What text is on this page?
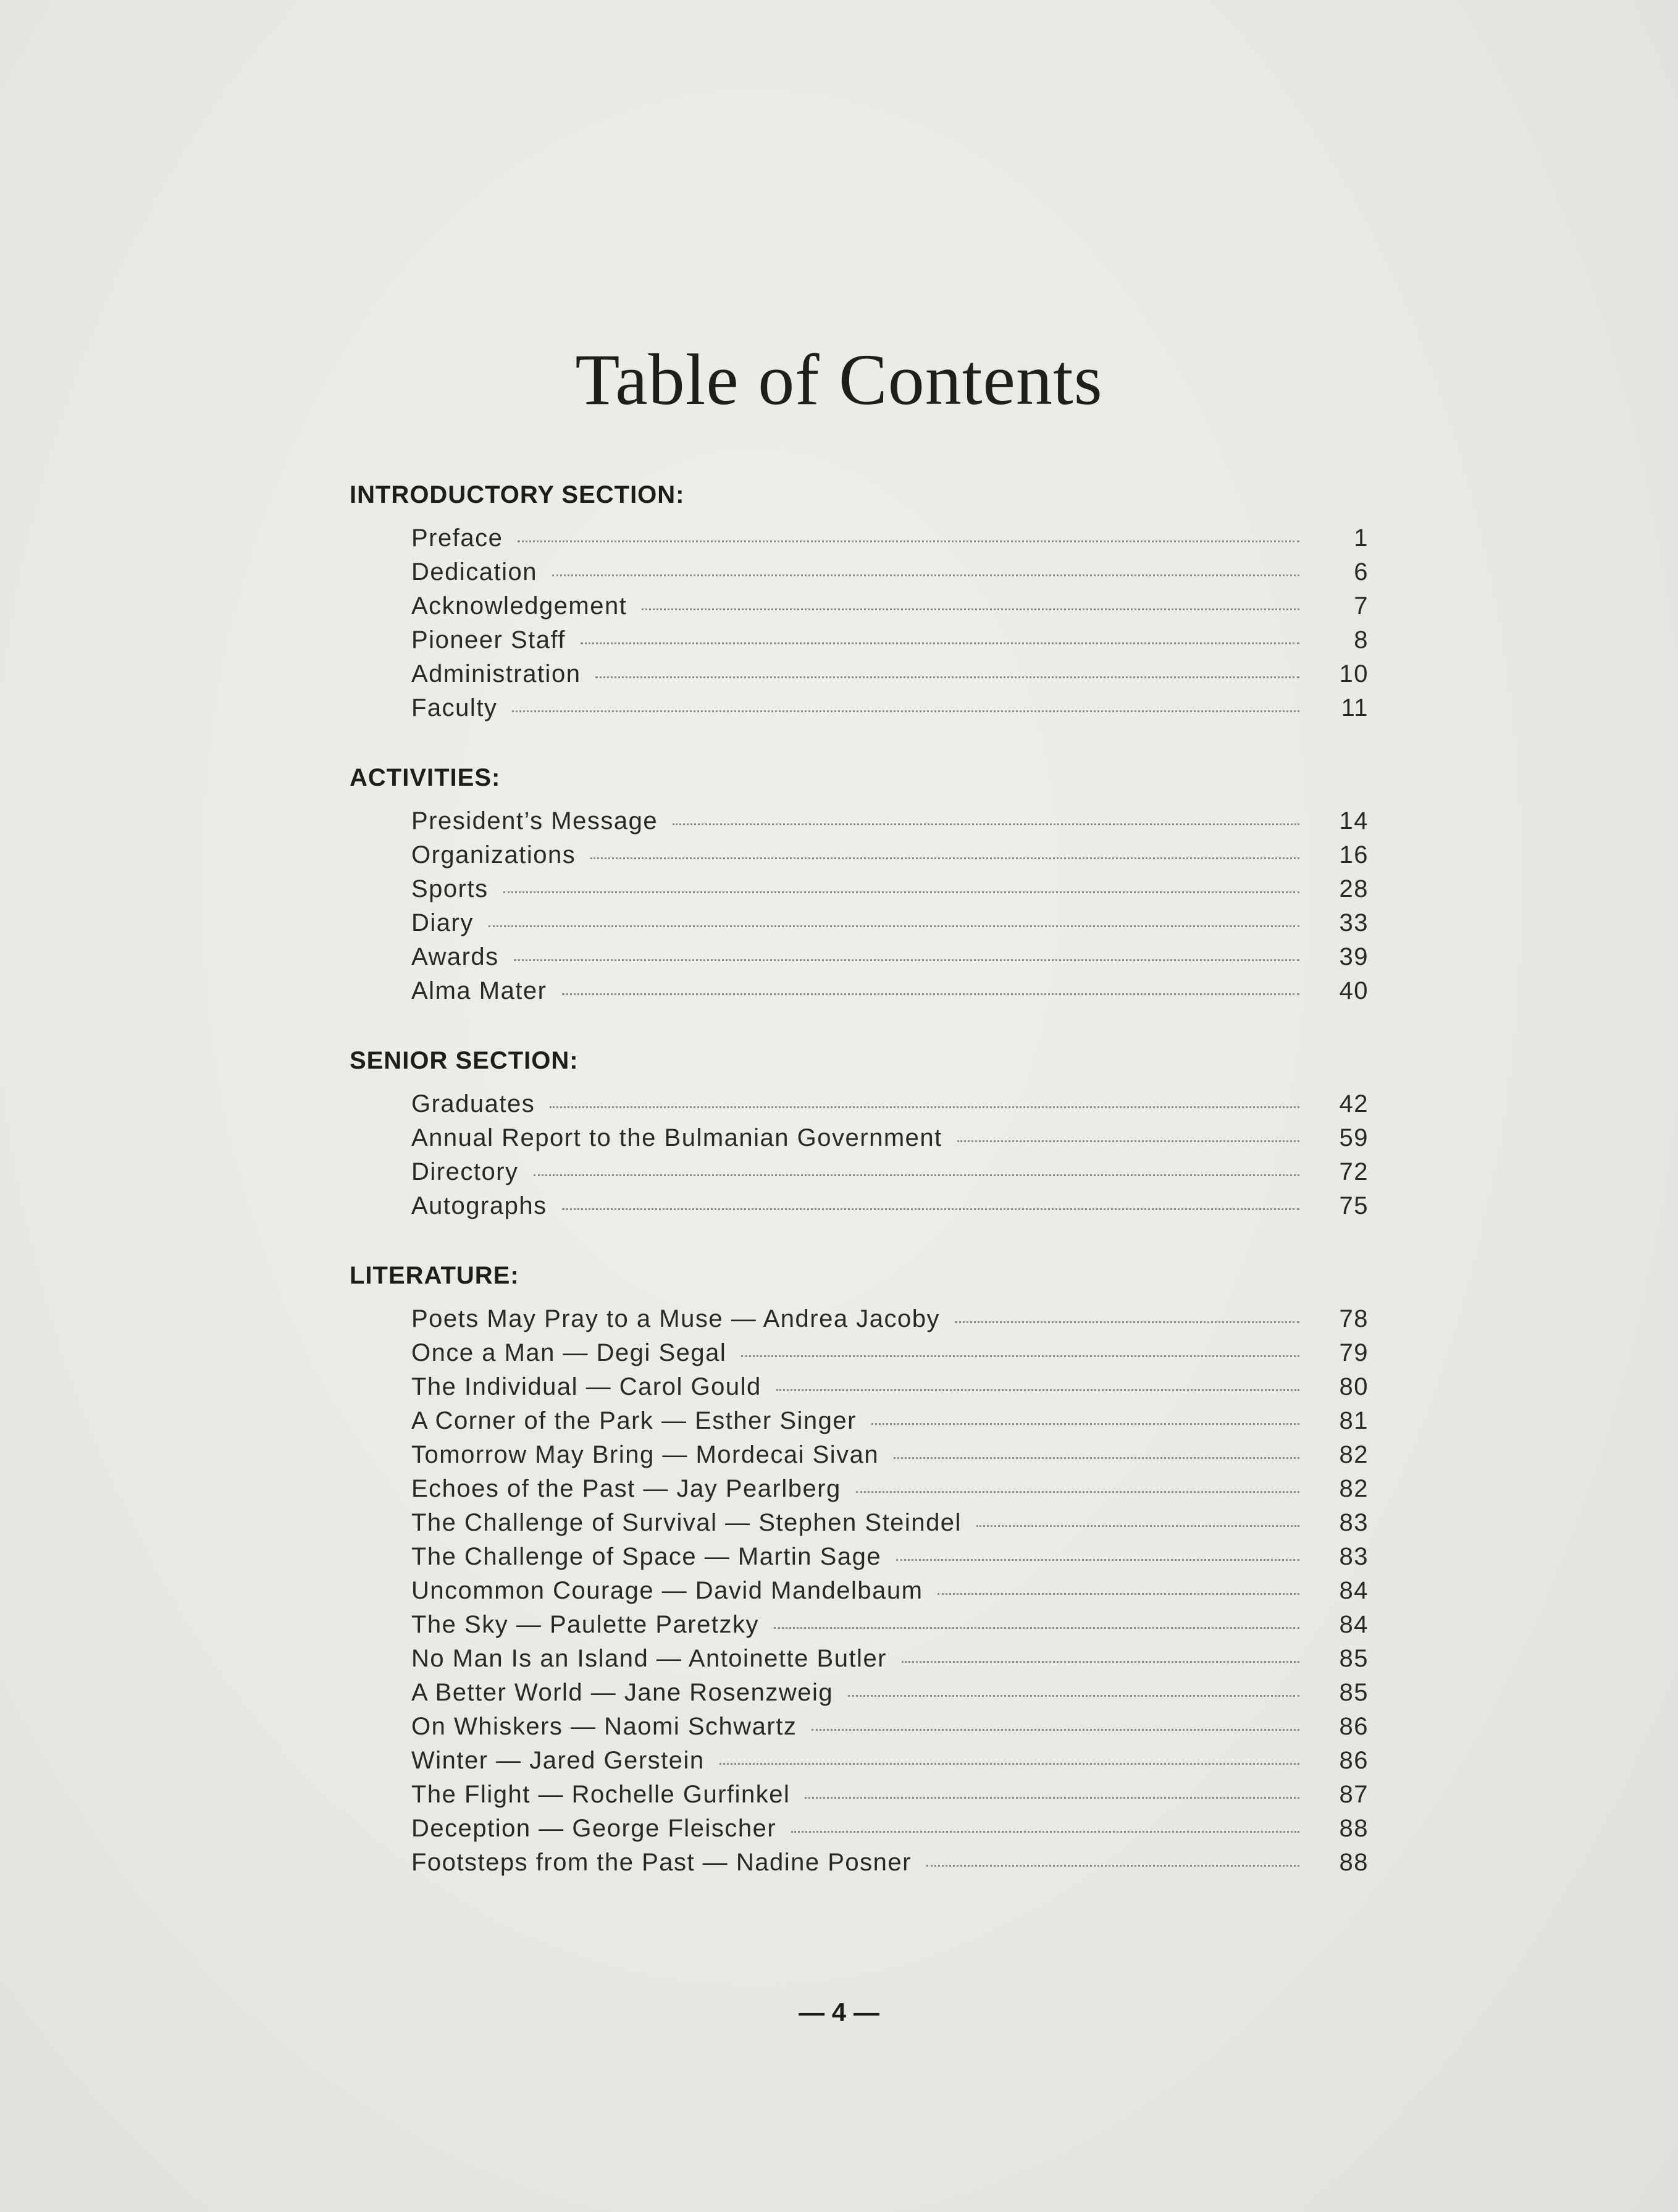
Table of Contents
INTRODUCTORY SECTION:
Preface	1
Dedication	6
Acknowledgement	7
Pioneer Staff	8
Administration	10
Faculty	11
ACTIVITIES:
President’s Message	14
Organizations	16
Sports	28
Diary	33
Awards	39
Alma Mater	40
SENIOR SECTION:
Graduates	42
Annual Report to the Bulmanian Government	59
Directory	72
Autographs	75
LITERATURE:
Poets May Pray to a Muse — Andrea Jacoby	78
Once a Man — Degi Segal	79
The Individual — Carol Gould	80
A Corner of the Park — Esther Singer	81
Tomorrow May Bring — Mordecai Sivan	82
Echoes of the Past — Jay Pearlberg	82
The Challenge of Survival — Stephen Steindel	83
The Challenge of Space — Martin Sage	83
Uncommon Courage — David Mandelbaum	84
The Sky — Paulette Paretzky	84
No Man Is an Island — Antoinette Butler	85
A Better World — Jane Rosenzweig	85
On Whiskers — Naomi Schwartz	86
Winter — Jared Gerstein	86
The Flight — Rochelle Gurfinkel	87
Deception — George Fleischer	88
Footsteps from the Past — Nadine Posner	88

— 4 —
